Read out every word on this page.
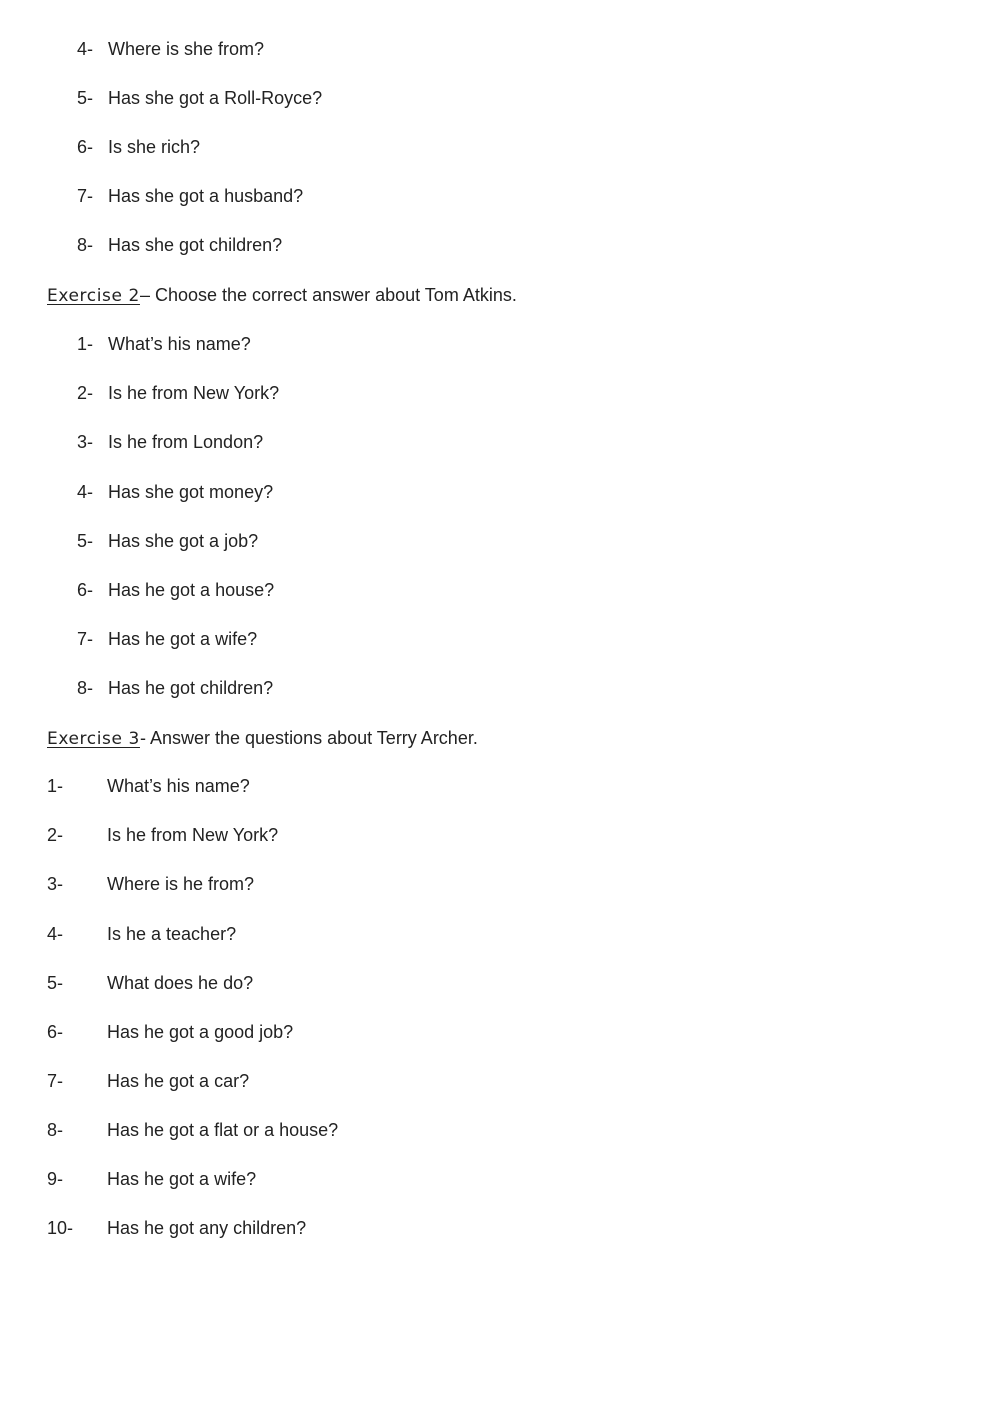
4- Where is she from?
5- Has she got a Roll-Royce?
6- Is she rich?
7- Has she got a husband?
8- Has she got children?
Exercise 2– Choose the correct answer about Tom Atkins.
1- What’s his name?
2- Is he from New York?
3- Is he from London?
4- Has she got money?
5- Has she got a job?
6- Has he got a house?
7- Has he got a wife?
8- Has he got children?
Exercise 3- Answer the questions about Terry Archer.
1- What’s his name?
2- Is he from New York?
3- Where is he from?
4- Is he a teacher?
5- What does he do?
6- Has he got a good job?
7- Has he got a car?
8- Has he got a flat or a house?
9- Has he got a wife?
10- Has he got any children?
